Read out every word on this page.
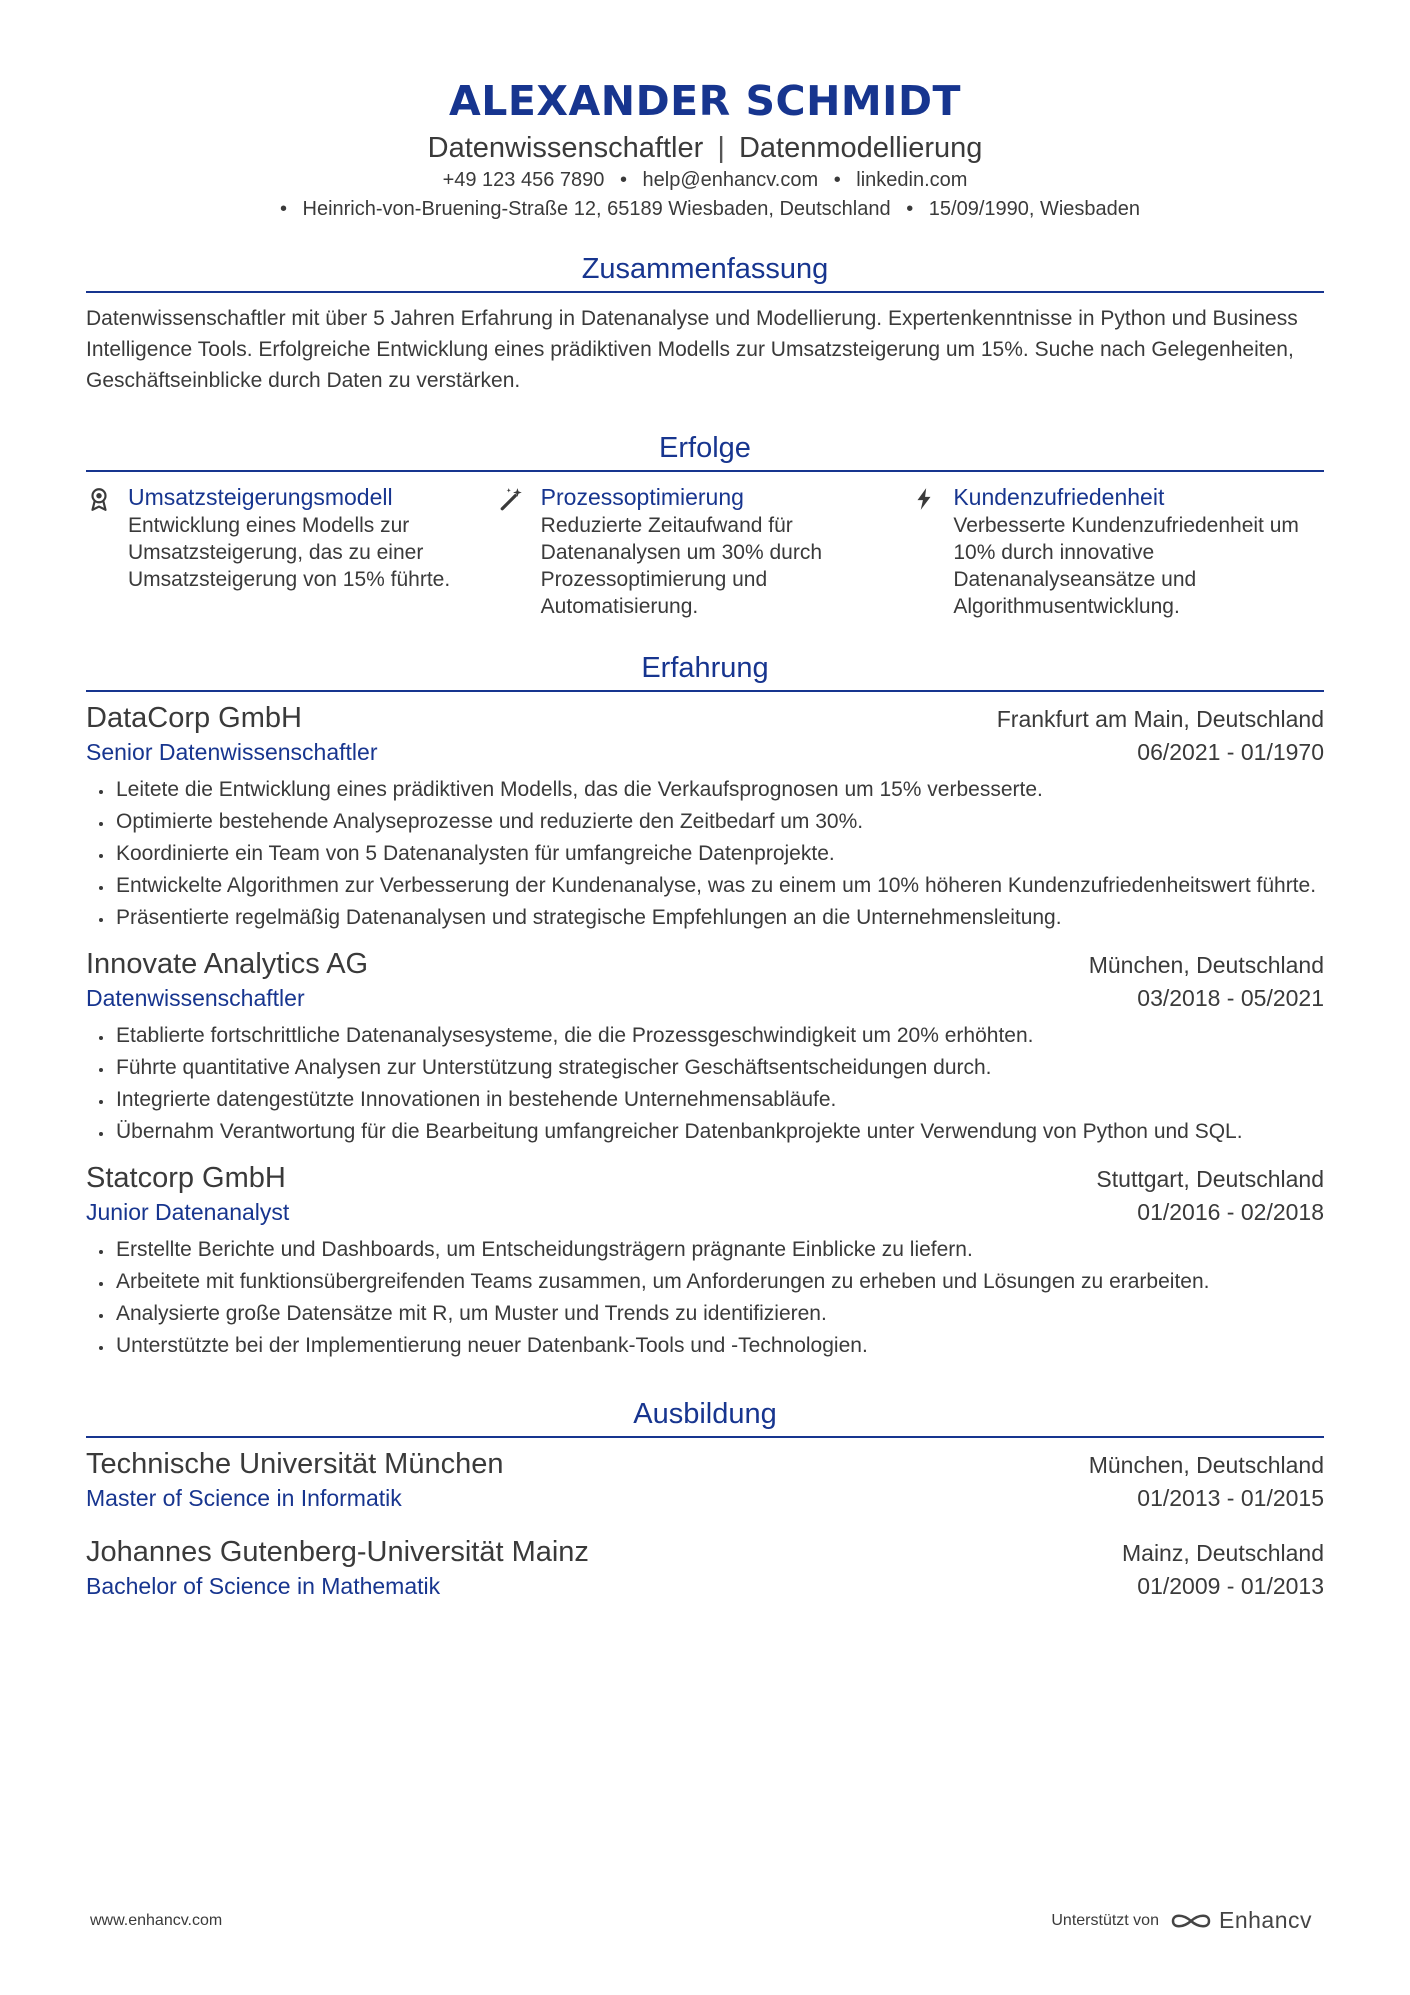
ALEXANDER SCHMIDT
Datenwissenschaftler | Datenmodellierung
+49 123 456 7890 • help@enhancv.com • linkedin.com
• Heinrich-von-Bruening-Straße 12, 65189 Wiesbaden, Deutschland • 15/09/1990, Wiesbaden
Zusammenfassung
Datenwissenschaftler mit über 5 Jahren Erfahrung in Datenanalyse und Modellierung. Expertenkenntnisse in Python und Business Intelligence Tools. Erfolgreiche Entwicklung eines prädiktiven Modells zur Umsatzsteigerung um 15%. Suche nach Gelegenheiten, Geschäftseinblicke durch Daten zu verstärken.
Erfolge
Umsatzsteigerungsmodell
Entwicklung eines Modells zur Umsatzsteigerung, das zu einer Umsatzsteigerung von 15% führte.
Prozessoptimierung
Reduzierte Zeitaufwand für Datenanalysen um 30% durch Prozessoptimierung und Automatisierung.
Kundenzufriedenheit
Verbesserte Kundenzufriedenheit um 10% durch innovative Datenanalyseansätze und Algorithmusentwicklung.
Erfahrung
DataCorp GmbH	Frankfurt am Main, Deutschland
Senior Datenwissenschaftler	06/2021 - 01/1970
• Leitete die Entwicklung eines prädiktiven Modells, das die Verkaufsprognosen um 15% verbesserte.
• Optimierte bestehende Analyseprozesse und reduzierte den Zeitbedarf um 30%.
• Koordinierte ein Team von 5 Datenanalysten für umfangreiche Datenprojekte.
• Entwickelte Algorithmen zur Verbesserung der Kundenanalyse, was zu einem um 10% höheren Kundenzufriedenheitswert führte.
• Präsentierte regelmäßig Datenanalysen und strategische Empfehlungen an die Unternehmensleitung.
Innovate Analytics AG	München, Deutschland
Datenwissenschaftler	03/2018 - 05/2021
• Etablierte fortschrittliche Datenanalysesysteme, die die Prozessgeschwindigkeit um 20% erhöhten.
• Führte quantitative Analysen zur Unterstützung strategischer Geschäftsentscheidungen durch.
• Integrierte datengestützte Innovationen in bestehende Unternehmensabläufe.
• Übernahm Verantwortung für die Bearbeitung umfangreicher Datenbankprojekte unter Verwendung von Python und SQL.
Statcorp GmbH	Stuttgart, Deutschland
Junior Datenanalyst	01/2016 - 02/2018
• Erstellte Berichte und Dashboards, um Entscheidungsträgern prägnante Einblicke zu liefern.
• Arbeitete mit funktionsübergreifenden Teams zusammen, um Anforderungen zu erheben und Lösungen zu erarbeiten.
• Analysierte große Datensätze mit R, um Muster und Trends zu identifizieren.
• Unterstützte bei der Implementierung neuer Datenbank-Tools und -Technologien.
Ausbildung
Technische Universität München	München, Deutschland
Master of Science in Informatik	01/2013 - 01/2015
Johannes Gutenberg-Universität Mainz	Mainz, Deutschland
Bachelor of Science in Mathematik	01/2009 - 01/2013
www.enhancv.com	Unterstützt von	Enhancv
